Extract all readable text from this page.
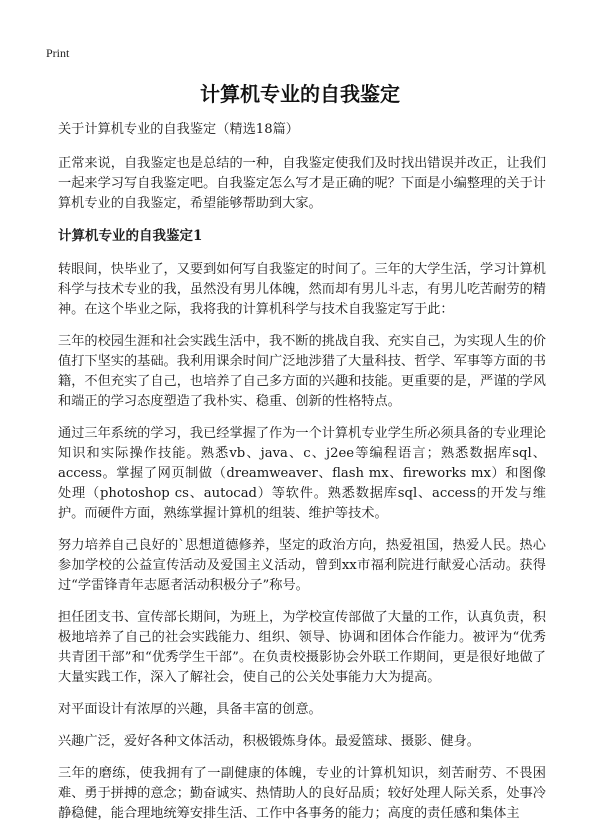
Print
计算机专业的自我鉴定

关于计算机专业的自我鉴定（精选18篇）

正常来说，自我鉴定也是总结的一种，自我鉴定使我们及时找出错误并改正，让我们一起来学习写自我鉴定吧。自我鉴定怎么写才是正确的呢？下面是小编整理的关于计算机专业的自我鉴定，希望能够帮助到大家。

计算机专业的自我鉴定1

转眼间，快毕业了，又要到如何写自我鉴定的时间了。三年的大学生活，学习计算机科学与技术专业的我，虽然没有男儿体魄，然而却有男儿斗志，有男儿吃苦耐劳的精神。在这个毕业之际，我将我的计算机科学与技术自我鉴定写于此：

三年的校园生涯和社会实践生活中，我不断的挑战自我、充实自己，为实现人生的价值打下坚实的基础。我利用课余时间广泛地涉猎了大量科技、哲学、军事等方面的书籍，不但充实了自己，也培养了自己多方面的兴趣和技能。更重要的是，严谨的学风和端正的学习态度塑造了我朴实、稳重、创新的性格特点。

通过三年系统的学习，我已经掌握了作为一个计算机专业学生所必须具备的专业理论知识和实际操作技能。熟悉vb、java、c、j2ee等编程语言；熟悉数据库sql、access。掌握了网页制做（dreamweaver、flash mx、fireworks mx）和图像处理（photoshop cs、autocad）等软件。熟悉数据库sql、access的开发与维护。而硬件方面，熟练掌握计算机的组装、维护等技术。

努力培养自己良好的`思想道德修养，坚定的政治方向，热爱祖国，热爱人民。热心参加学校的公益宣传活动及爱国主义活动，曾到xx市福利院进行献爱心活动。获得过“学雷锋青年志愿者活动积极分子”称号。

担任团支书、宣传部长期间，为班上，为学校宣传部做了大量的工作，认真负责，积极地培养了自己的社会实践能力、组织、领导、协调和团体合作能力。被评为“优秀共青团干部”和“优秀学生干部”。在负责校摄影协会外联工作期间，更是很好地做了大量实践工作，深入了解社会，使自己的公关处事能力大为提高。

对平面设计有浓厚的兴趣，具备丰富的创意。

兴趣广泛，爱好各种文体活动，积极锻炼身体。最爱篮球、摄影、健身。

三年的磨练，使我拥有了一副健康的体魄，专业的计算机知识，刻苦耐劳、不畏困难、勇于拼搏的意念；勤奋诚实、热情助人的良好品质；较好处理人际关系，处事冷静稳健，能合理地统筹安排生活、工作中各事务的能力；高度的责任感和集体主
